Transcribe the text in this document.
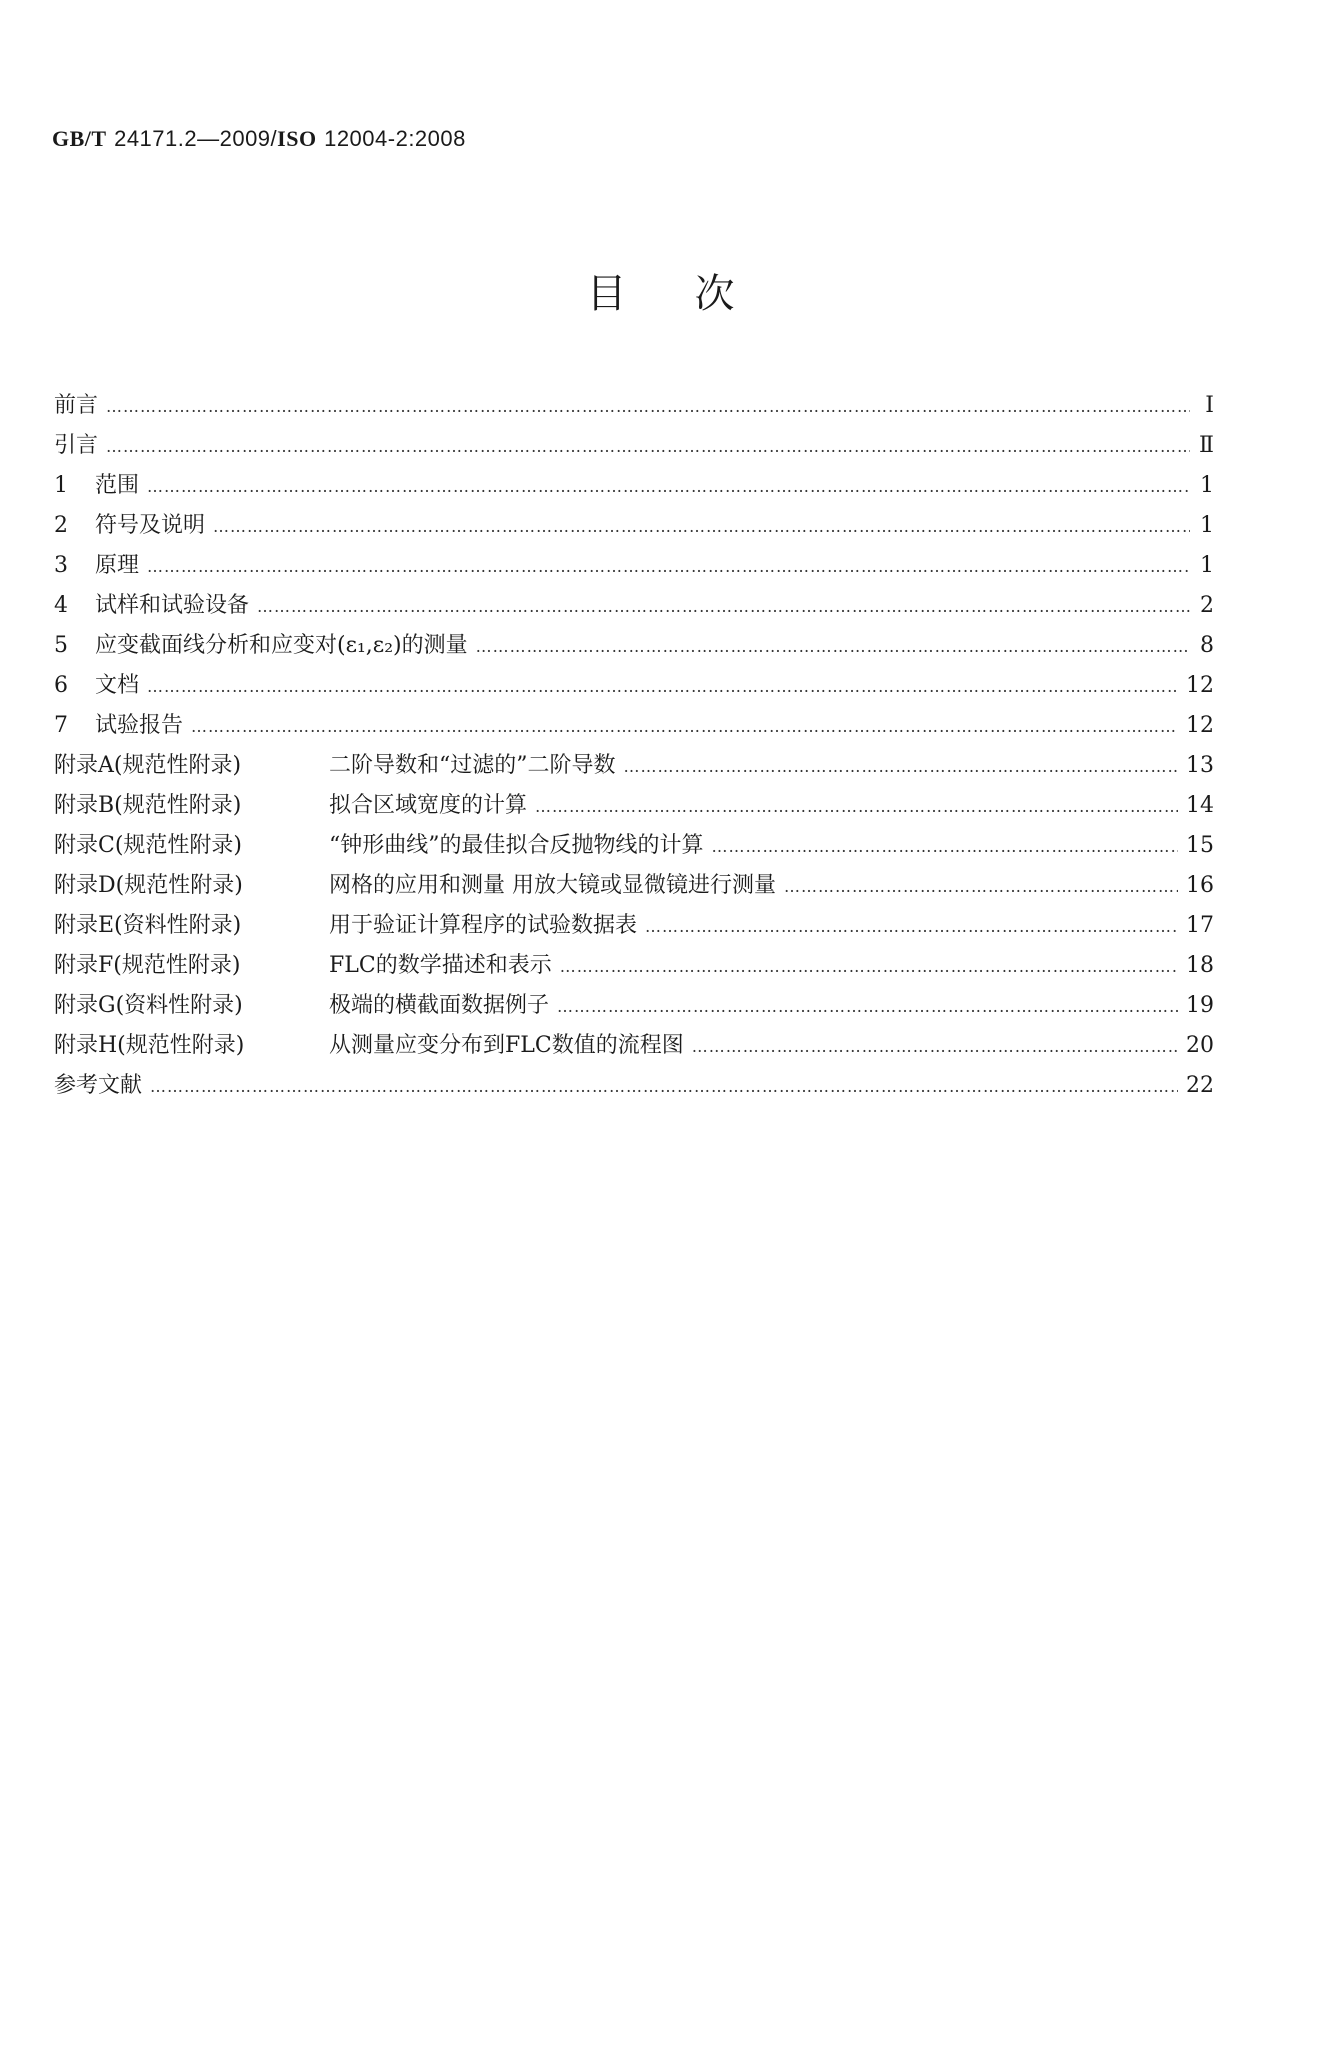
GB/T 24171.2—2009/ISO 12004-2:2008
目次
前言 ………………………………………………………………………………………………………………………………………………………………………………………………	Ⅰ
引言 ………………………………………………………………………………………………………………………………………………………………………………………………	Ⅱ
1 范围 ………………………………………………………………………………………………………………………………………………………………………………………………	1
2 符号及说明 ………………………………………………………………………………………………………………………………………………………………………………………………	1
3 原理 ………………………………………………………………………………………………………………………………………………………………………………………………	1
4 试样和试验设备 ………………………………………………………………………………………………………………………………………………………………………………………………	2
5 应变截面线分析和应变对(ε₁,ε₂)的测量 ………………………………………………………………………………………………………………………………………………………………………………………………	8
6 文档 ………………………………………………………………………………………………………………………………………………………………………………………………	12
7 试验报告 ………………………………………………………………………………………………………………………………………………………………………………………………	12
附录A(规范性附录)	二阶导数和“过滤的”二阶导数 ………………………………………………………………………………………………………………………………………………………………………………………………	13
附录B(规范性附录)	拟合区域宽度的计算 ………………………………………………………………………………………………………………………………………………………………………………………………	14
附录C(规范性附录)	“钟形曲线”的最佳拟合反抛物线的计算 ………………………………………………………………………………………………………………………………………………………………………………………………	15
附录D(规范性附录)	网格的应用和测量 用放大镜或显微镜进行测量 ………………………………………………………………………………………………………………………………………………………………………………………………	16
附录E(资料性附录)	用于验证计算程序的试验数据表 ………………………………………………………………………………………………………………………………………………………………………………………………	17
附录F(规范性附录)	FLC的数学描述和表示 ………………………………………………………………………………………………………………………………………………………………………………………………	18
附录G(资料性附录)	极端的横截面数据例子 ………………………………………………………………………………………………………………………………………………………………………………………………	19
附录H(规范性附录)	从测量应变分布到FLC数值的流程图 ………………………………………………………………………………………………………………………………………………………………………………………………	20
参考文献 ………………………………………………………………………………………………………………………………………………………………………………………………	22
